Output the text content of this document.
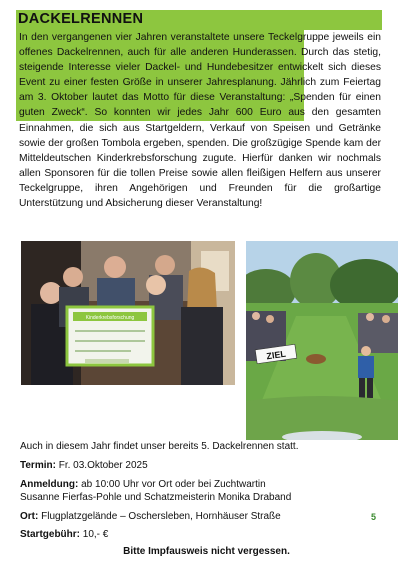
DACKELRENNEN

In den vergangenen vier Jahren veranstaltete unsere Teckelgruppe jeweils ein offenes Dackelrennen, auch für alle anderen Hunderassen. Durch das stetig, steigende Interesse vieler Dackel- und Hundebesitzer entwickelt sich dieses Event zu einer festen Größe in unserer Jahresplanung. Jährlich zum Feiertag am 3. Oktober lautet das Motto für diese Veranstaltung: „Spenden für einen guten Zweck“. So konnten wir jedes Jahr 600 Euro aus den gesamten Einnahmen, die sich aus Startgeldern, Verkauf von Speisen und Getränke sowie der großen Tombola ergeben, spenden. Die großzügige Spende kam der Mitteldeutschen Kinderkrebsforschung zugute. Hierfür danken wir nochmals allen Sponsoren für die tollen Preise sowie allen fleißigen Helfern aus unserer Teckelgruppe, ihren Angehörigen und Freunden für die großartige Unterstützung und Absicherung dieser Veranstaltung!

Kinderkrebsforschung
ZIEL
Auch in diesem Jahr findet unser bereits 5. Dackelrennen statt.
Termin: Fr. 03.Oktober 2025
Anmeldung: ab 10:00 Uhr vor Ort oder bei Zuchtwartin
Susanne Fierfas-Pohle und Schatzmeisterin Monika Draband
Ort: Flugplatzgelände – Oschersleben, Hornhäuser Straße
Startgebühr: 10,- €
5
Bitte Impfausweis nicht vergessen.
